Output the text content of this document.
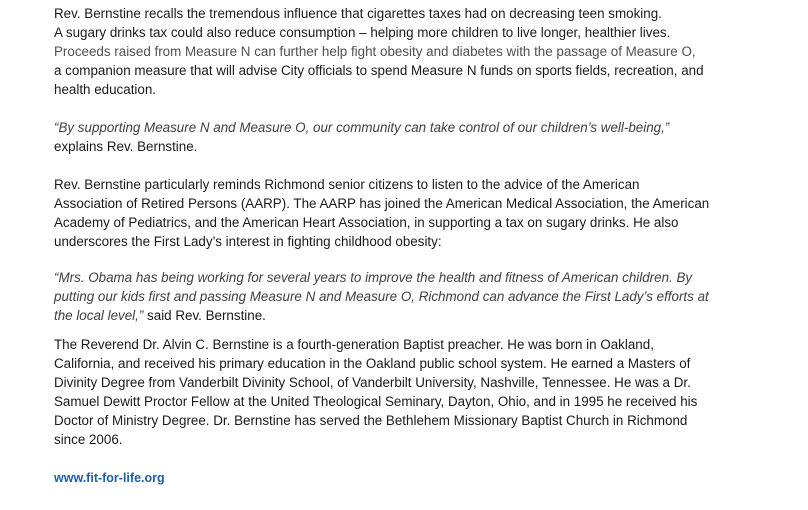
Rev. Bernstine recalls the tremendous influence that cigarettes taxes had on decreasing teen smoking.
A sugary drinks tax could also reduce consumption – helping more children to live longer, healthier lives.
Proceeds raised from Measure N can further help fight obesity and diabetes with the passage of Measure O,
a companion measure that will advise City officials to spend Measure N funds on sports fields, recreation, and
health education.
“By supporting Measure N and Measure O, our community can take control of our children’s well-being,”
explains Rev. Bernstine.
Rev. Bernstine particularly reminds Richmond senior citizens to listen to the advice of the American
Association of Retired Persons (AARP). The AARP has joined the American Medical Association, the American
Academy of Pediatrics, and the American Heart Association, in supporting a tax on sugary drinks. He also
underscores the First Lady’s interest in fighting childhood obesity:
“Mrs. Obama has being working for several years to improve the health and fitness of American children. By
putting our kids first and passing Measure N and Measure O, Richmond can advance the First Lady’s efforts at
the local level,” said Rev. Bernstine.
The Reverend Dr. Alvin C. Bernstine is a fourth-generation Baptist preacher. He was born in Oakland,
California, and received his primary education in the Oakland public school system. He earned a Masters of
Divinity Degree from Vanderbilt Divinity School, of Vanderbilt University, Nashville, Tennessee. He was a Dr.
Samuel Dewitt Proctor Fellow at the United Theological Seminary, Dayton, Ohio, and in 1995 he received his
Doctor of Ministry Degree. Dr. Bernstine has served the Bethlehem Missionary Baptist Church in Richmond
since 2006.
www.fit-for-life.org
